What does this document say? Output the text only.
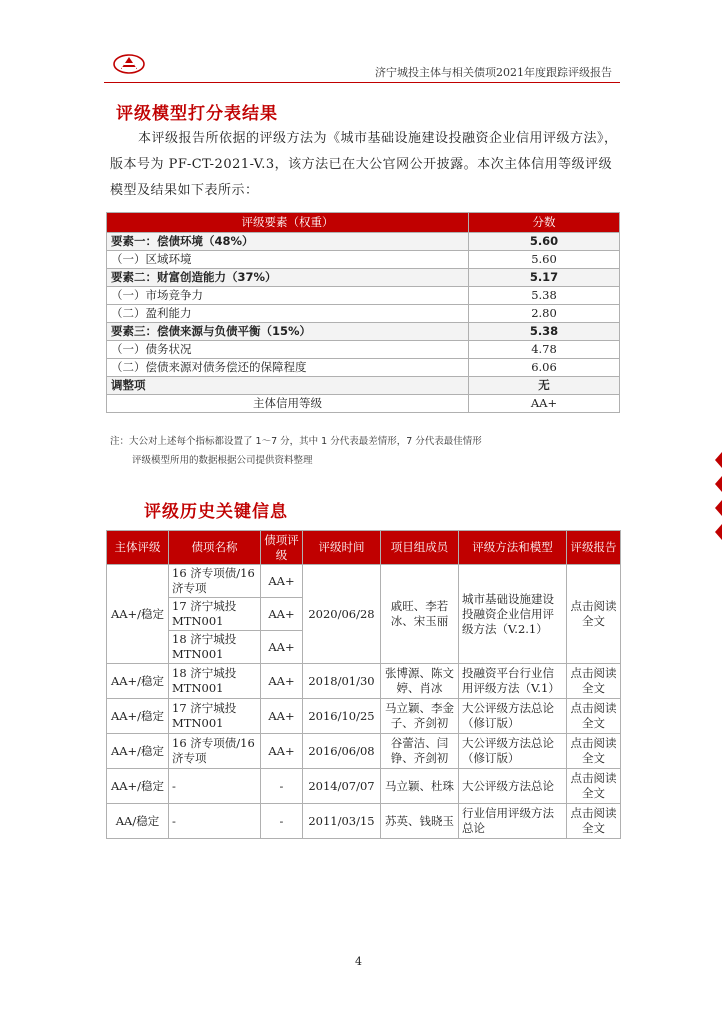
济宁城投主体与相关债项2021年度跟踪评级报告
评级模型打分表结果

本评级报告所依据的评级方法为《城市基础设施建设投融资企业信用评级方法》，版本号为 PF-CT-2021-V.3，该方法已在大公官网公开披露。本次主体信用等级评级模型及结果如下表所示：

评级要素（权重）	分数
要素一：偿债环境（48%）	5.60
（一）区域环境	5.60
要素二：财富创造能力（37%）	5.17
（一）市场竞争力	5.38
（二）盈利能力	2.80
要素三：偿债来源与负债平衡（15%）	5.38
（一）债务状况	4.78
（二）偿债来源对债务偿还的保障程度	6.06
调整项	无
主体信用等级	AA+
注：大公对上述每个指标都设置了 1～7 分，其中 1 分代表最差情形，7 分代表最佳情形
评级模型所用的数据根据公司提供资料整理
评级历史关键信息
主体评级	债项名称	债项评级	评级时间	项目组成员	评级方法和模型	评级报告
AA+/稳定	16 济专项债/16 济专项	AA+	2020/06/28	戚旺、李若冰、宋玉丽	城市基础设施建设投融资企业信用评级方法（V.2.1）	点击阅读全文
	17 济宁城投 MTN001	AA+				
	18 济宁城投 MTN001	AA+				
AA+/稳定	18 济宁城投 MTN001	AA+	2018/01/30	张博源、陈文婷、肖冰	投融资平台行业信用评级方法（V.1）	点击阅读全文
AA+/稳定	17 济宁城投 MTN001	AA+	2016/10/25	马立颖、李金子、齐剑初	大公评级方法总论（修订版）	点击阅读全文
AA+/稳定	16 济专项债/16 济专项	AA+	2016/06/08	谷蕾洁、闫铮、齐剑初	大公评级方法总论（修订版）	点击阅读全文
AA+/稳定	-	-	2014/07/07	马立颖、杜珠	大公评级方法总论	点击阅读全文
AA/稳定	-	-	2011/03/15	苏英、钱晓玉	行业信用评级方法总论	点击阅读全文
4
